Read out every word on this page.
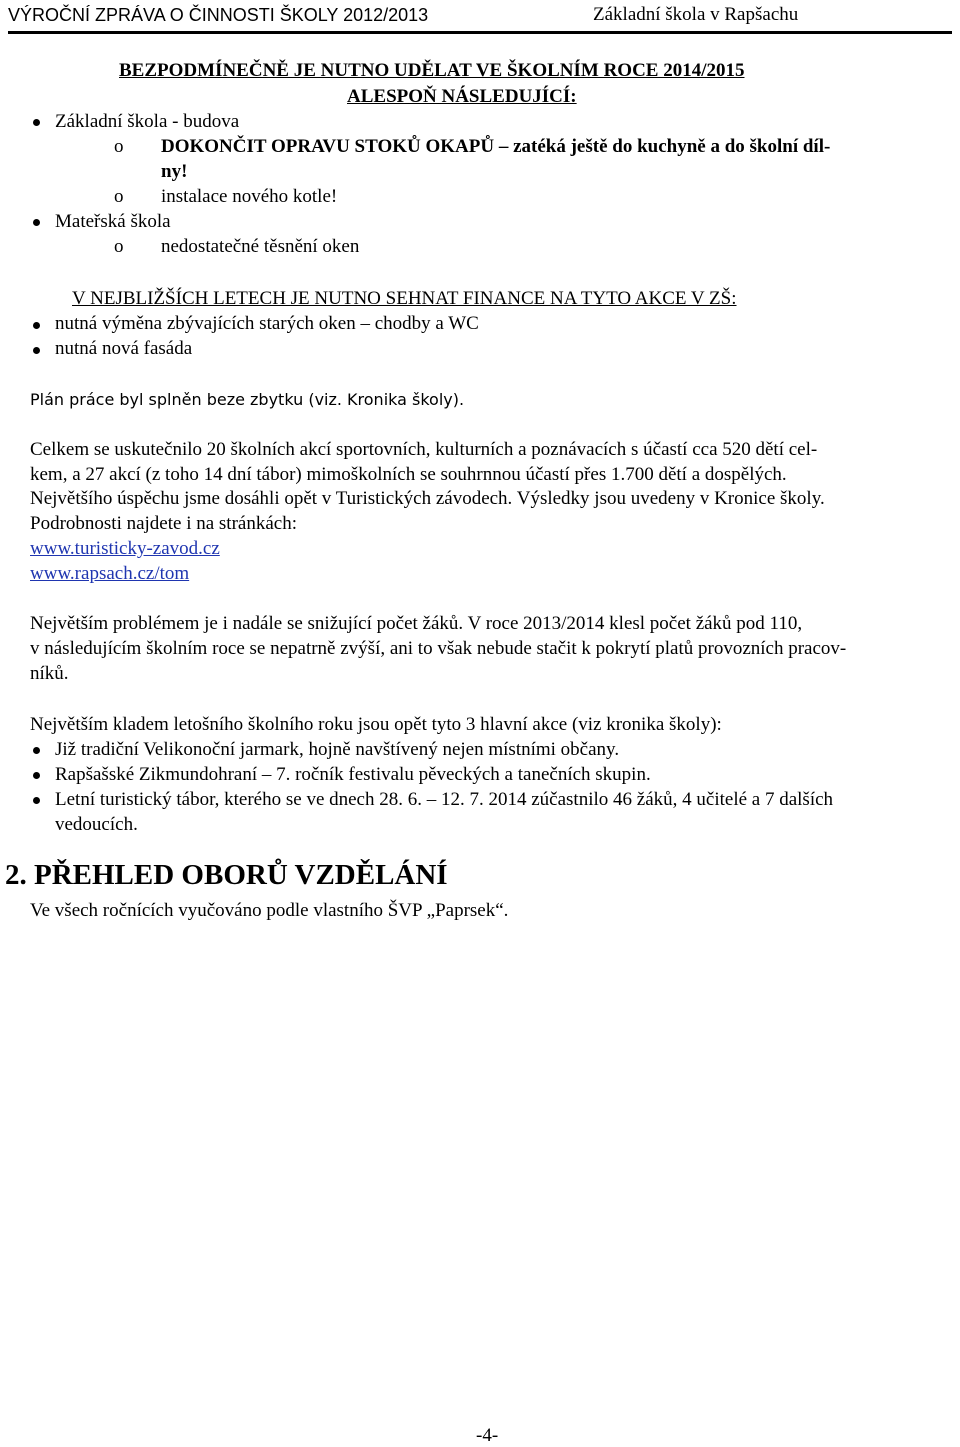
VÝROČNÍ ZPRÁVA O ČINNOSTI ŠKOLY 2012/2013	Základní škola v Rapšachu
BEZPODMÍNEČNĚ JE NUTNO UDĚLAT VE ŠKOLNÍM ROCE 2014/2015
ALESPOŇ NÁSLEDUJÍCÍ:
Základní škola - budova
o DOKONČIT OPRAVU STOKŮ OKAPŮ – zatéká ještě do kuchyně a do školní díl-
ny!
o instalace nového kotle!
Mateřská škola
o nedostatečné těsnění oken
V NEJBLIŽŠÍCH LETECH JE NUTNO SEHNAT FINANCE NA TYTO AKCE V ZŠ:
nutná výměna zbývajících starých oken – chodby a WC
nutná nová fasáda
Plán práce byl splněn beze zbytku (viz. Kronika školy).
Celkem se uskutečnilo 20 školních akcí sportovních, kulturních a poznávacích s účastí cca 520 dětí cel-
kem, a 27 akcí (z toho 14 dní tábor) mimoškolních se souhrnnou účastí přes 1.700 dětí a dospělých.
Největšího úspěchu jsme dosáhli opět v Turistických závodech. Výsledky jsou uvedeny v Kronice školy.
Podrobnosti najdete i na stránkách:
www.turisticky-zavod.cz
www.rapsach.cz/tom
Největším problémem je i nadále se snižující počet žáků. V roce 2013/2014 klesl počet žáků pod 110,
v následujícím školním roce se nepatrně zvýší, ani to však nebude stačit k pokrytí platů provozních pracov-
níků.
Největším kladem letošního školního roku jsou opět tyto 3 hlavní akce (viz kronika školy):
Již tradiční Velikonoční jarmark, hojně navštívený nejen místními občany.
Rapšašské Zikmundohraní – 7. ročník festivalu pěveckých a tanečních skupin.
Letní turistický tábor, kterého se ve dnech 28. 6. – 12. 7. 2014 zúčastnilo 46 žáků, 4 učitelé a 7 dalších
vedoucích.
2. PŘEHLED OBORŮ VZDĚLÁNÍ
Ve všech ročnících vyučováno podle vlastního ŠVP „Paprsek“.
-4-
